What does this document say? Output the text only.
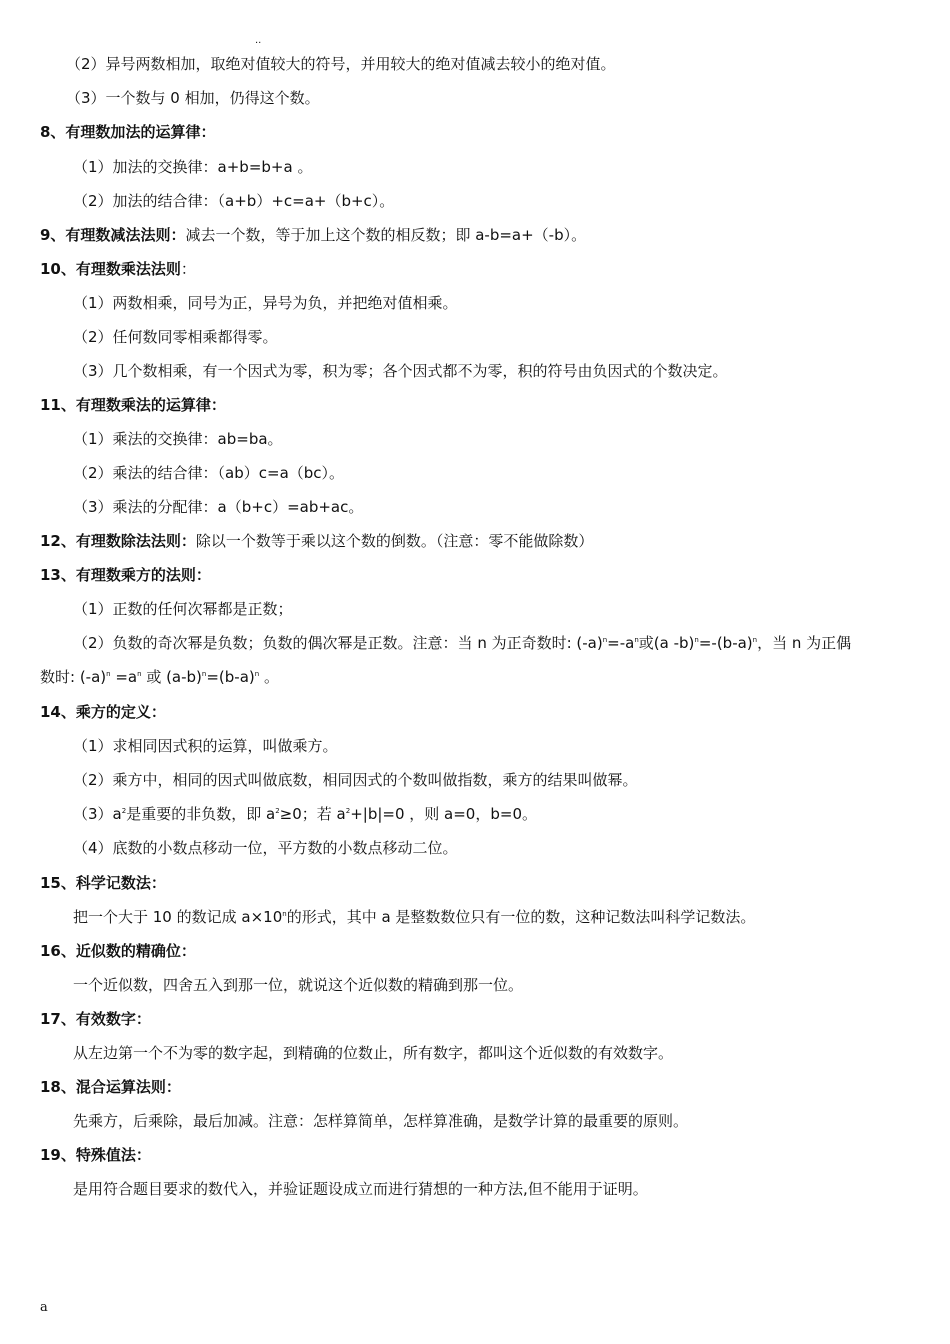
..
（2）异号两数相加，取绝对值较大的符号，并用较大的绝对值减去较小的绝对值。
（3）一个数与 0 相加，仍得这个数。
8、有理数加法的运算律：
（1）加法的交换律：a+b=b+a 。
（2）加法的结合律：（a+b）+c=a+（b+c）。
9、有理数减法法则：减去一个数，等于加上这个数的相反数；即 a-b=a+（-b）。
10、有理数乘法法则：
（1）两数相乘，同号为正，异号为负，并把绝对值相乘。
（2）任何数同零相乘都得零。
（3）几个数相乘，有一个因式为零，积为零；各个因式都不为零，积的符号由负因式的个数决定。
11、有理数乘法的运算律：
（1）乘法的交换律：ab=ba。
（2）乘法的结合律：（ab）c=a（bc）。
（3）乘法的分配律：a（b+c）=ab+ac。
12、有理数除法法则：除以一个数等于乘以这个数的倒数。（注意：零不能做除数）
13、有理数乘方的法则：
（1）正数的任何次幂都是正数；
（2）负数的奇次幂是负数；负数的偶次幂是正数。注意：当 n 为正奇数时: $(-a)^n=-a^n$或(a $-b)^n=-(b-a)^n$，当 n 为正偶
数时: $(-a)^n =a^n$ 或 $(a-b)^n=(b-a)^n$ 。
14、乘方的定义：
（1）求相同因式积的运算，叫做乘方。
（2）乘方中，相同的因式叫做底数，相同因式的个数叫做指数，乘方的结果叫做幂。
$(3)a^2$是重要的非负数，即 $a^2\ge 0$；若 $a^2+|b|=0$ ，则 a=0，b=0。
（4）底数的小数点移动一位，平方数的小数点移动二位。
15、科学记数法：
把一个大于 10 的数记成 $a\times 10^n$的形式，其中 a 是整数数位只有一位的数，这种记数法叫科学记数法。
16、近似数的精确位：
一个近似数，四舍五入到那一位，就说这个近似数的精确到那一位。
17、有效数字：
从左边第一个不为零的数字起，到精确的位数止，所有数字，都叫这个近似数的有效数字。
18、混合运算法则：
先乘方，后乘除，最后加减。注意：怎样算简单，怎样算准确，是数学计算的最重要的原则。
19、特殊值法：
是用符合题目要求的数代入，并验证题设成立而进行猜想的一种方法,但不能用于证明。
a
